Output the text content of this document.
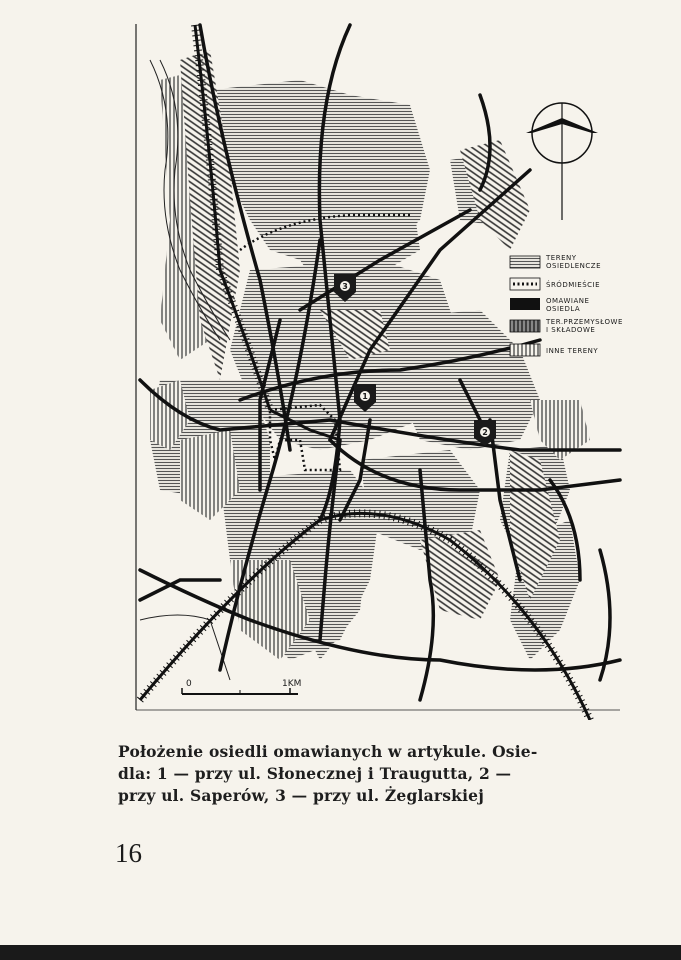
3
1
2
TERENY
OSIEDLENCZE
ŚRÓDMIEŚCIE
OMAWIANE
OSIEDLA
TER.PRZEMYSŁOWE
I SKŁADOWE
INNE TERENY
0	1KM
Położenie osiedli omawianych w artykule. Osie-
dla: 1 — przy ul. Słonecznej i Traugutta, 2 —
przy ul. Saperów, 3 — przy ul. Żeglarskiej
16
